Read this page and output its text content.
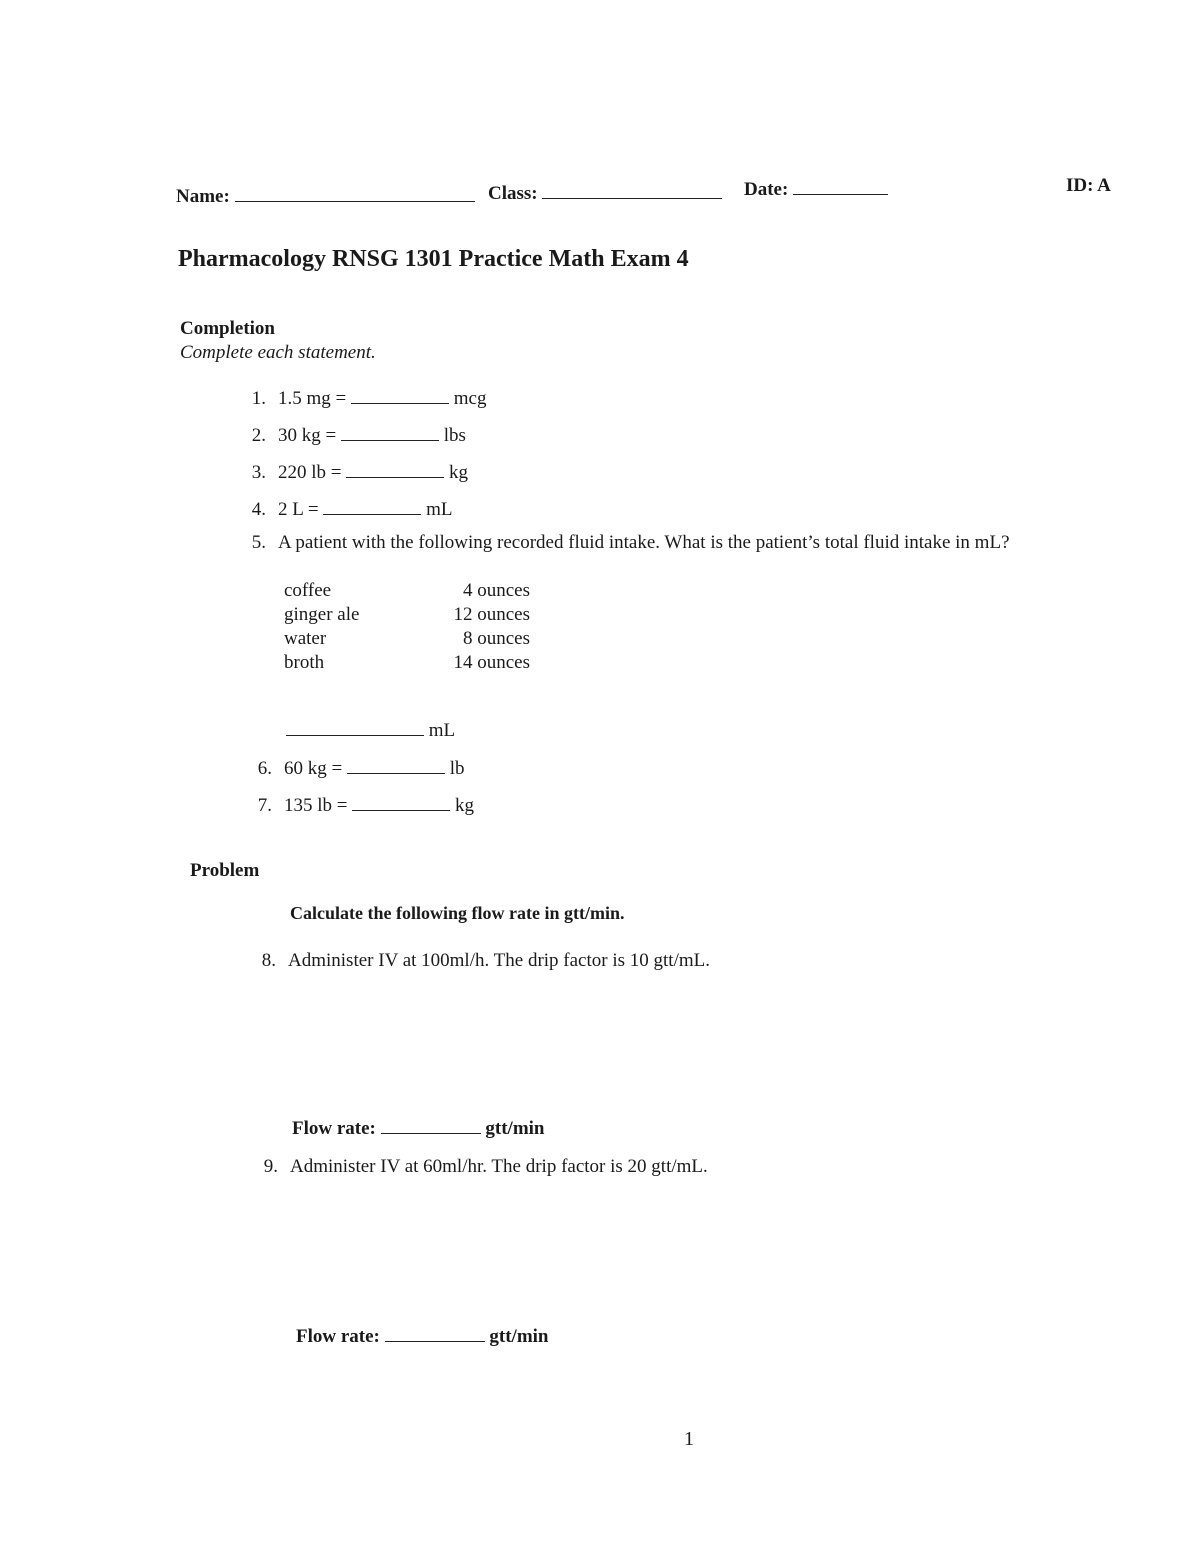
Name:	Class:	Date:	ID: A
Pharmacology RNSG 1301 Practice Math Exam 4
Completion
Complete each statement.
1. 1.5 mg =	mcg
2. 30 kg =	lbs
3. 220 lb =	kg
4. 2 L =	mL
5. A patient with the following recorded fluid intake. What is the patient’s total fluid intake in mL?
coffee	4 ounces
ginger ale	12 ounces
water	8 ounces
broth	14 ounces
mL
6. 60 kg =	lb
7. 135 lb =	kg
Problem
Calculate the following flow rate in gtt/min.
8. Administer IV at 100ml/h. The drip factor is 10 gtt/mL.
Flow rate:	gtt/min
9. Administer IV at 60ml/hr. The drip factor is 20 gtt/mL.
Flow rate:	gtt/min
1
